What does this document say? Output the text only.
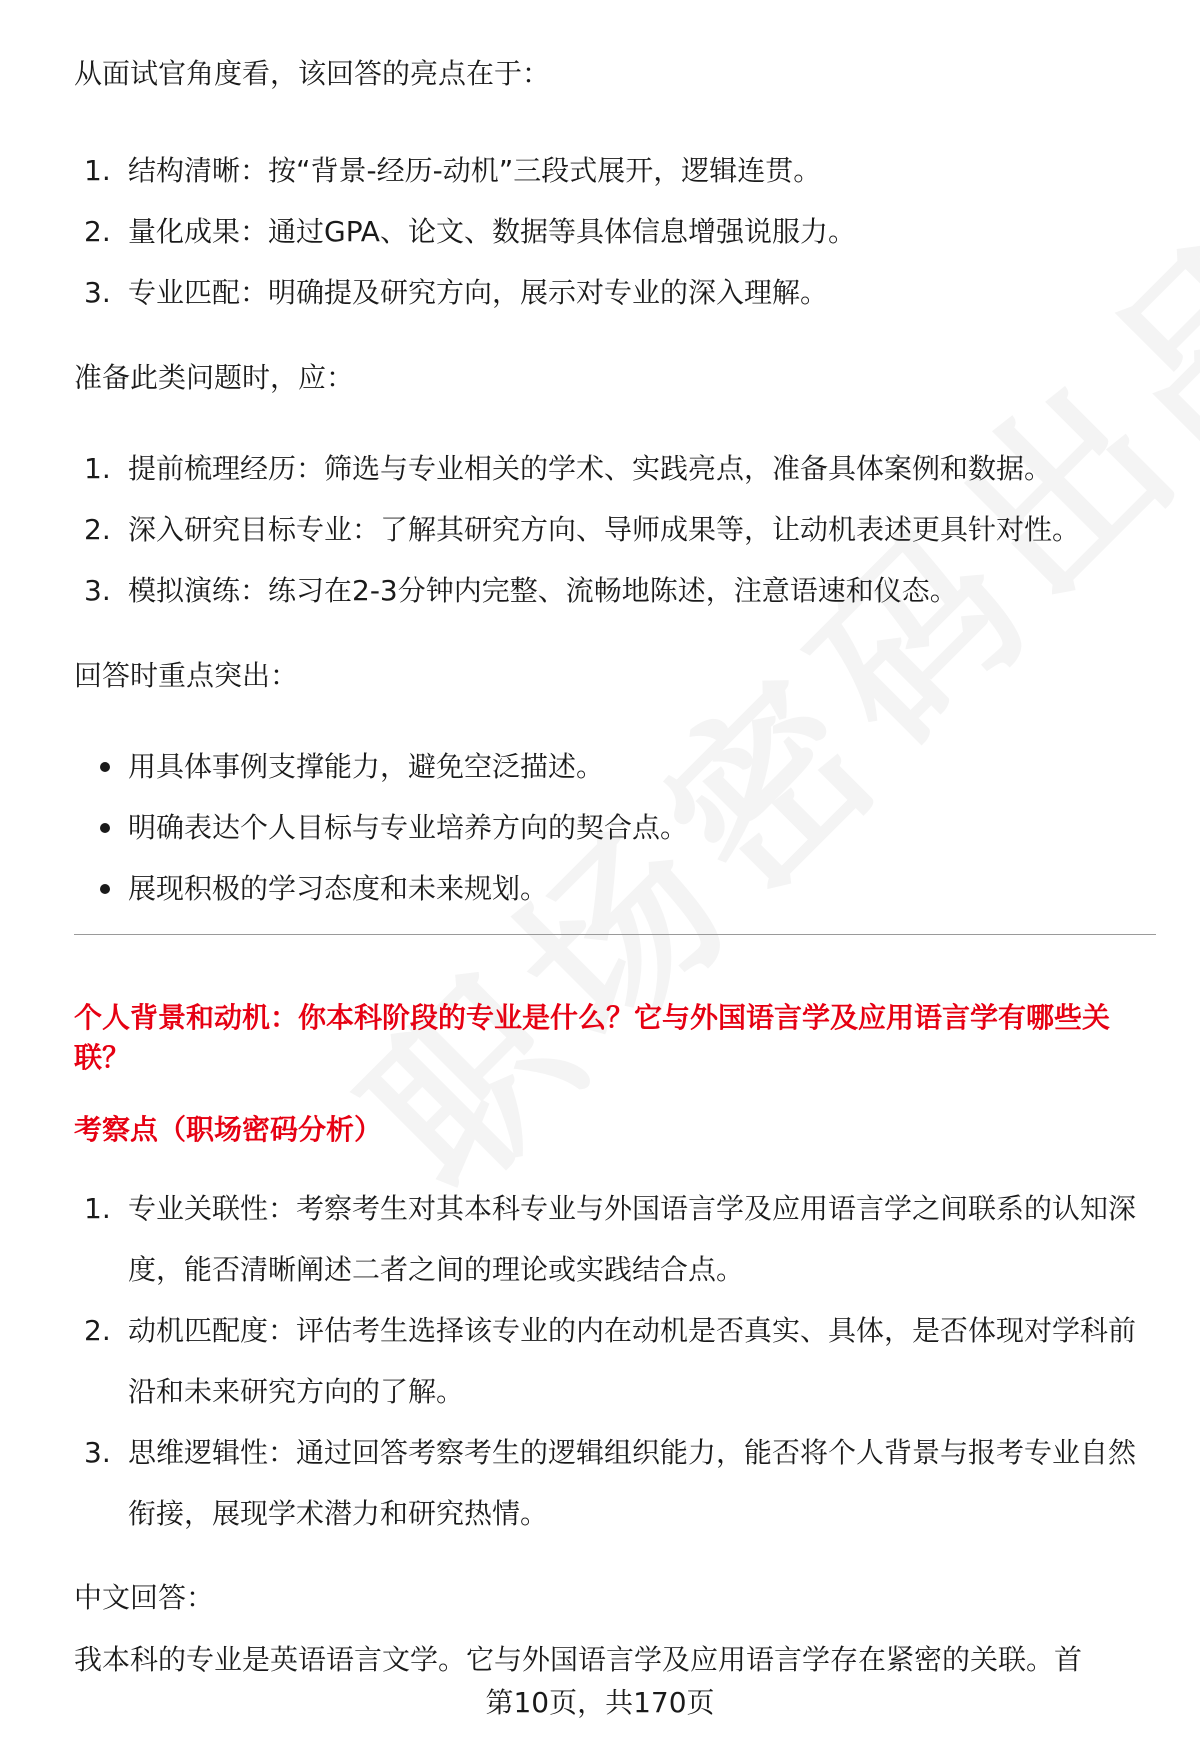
从面试官角度看，该回答的亮点在于：

1. 结构清晰：按“背景-经历-动机”三段式展开，逻辑连贯。
2. 量化成果：通过GPA、论文、数据等具体信息增强说服力。
3. 专业匹配：明确提及研究方向，展示对专业的深入理解。

准备此类问题时，应：

1. 提前梳理经历：筛选与专业相关的学术、实践亮点，准备具体案例和数据。
2. 深入研究目标专业：了解其研究方向、导师成果等，让动机表述更具针对性。
3. 模拟演练：练习在2-3分钟内完整、流畅地陈述，注意语速和仪态。

回答时重点突出：

用具体事例支撑能力，避免空泛描述。
明确表达个人目标与专业培养方向的契合点。
展现积极的学习态度和未来规划。
个人背景和动机：你本科阶段的专业是什么？它与外国语言学及应用语言学有哪些关联？
考察点（职场密码分析）
1. 专业关联性：考察考生对其本科专业与外国语言学及应用语言学之间联系的认知深度，能否清晰阐述二者之间的理论或实践结合点。
2. 动机匹配度：评估考生选择该专业的内在动机是否真实、具体，是否体现对学科前沿和未来研究方向的了解。
3. 思维逻辑性：通过回答考察考生的逻辑组织能力，能否将个人背景与报考专业自然衔接，展现学术潜力和研究热情。

中文回答：

我本科的专业是英语语言文学。它与外国语言学及应用语言学存在紧密的关联。首

第10页，共170页
